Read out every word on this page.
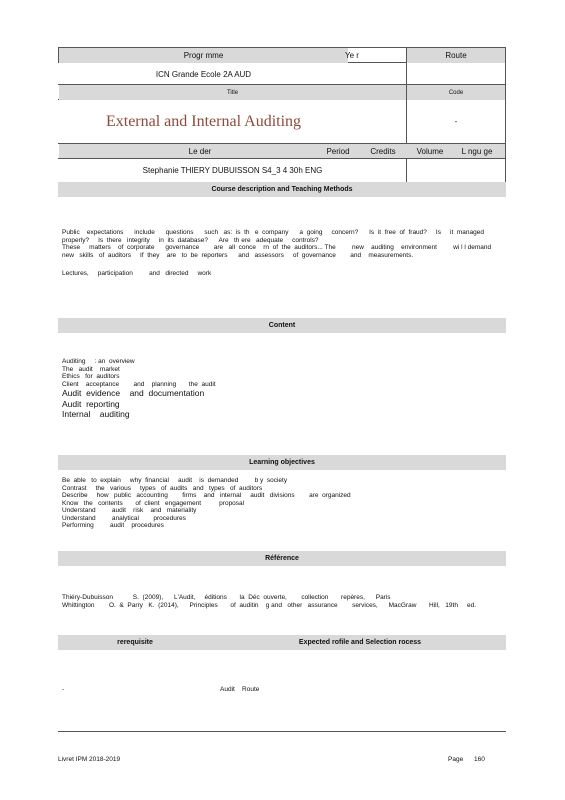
Progr mme	Ye r	Route
ICN Grande Ecole 2A AUD
Title	Code
External and Internal Auditing	-
Le der	Period	Credits	Volume L ngu ge
Stephanie THIERY DUBUISSON S4_3 4 30h ENG
Course description and Teaching Methods
Public    expectations      include      questions      such   as:  is  th   e  company      a  going     concern?      Is  it  free  of  fraud?     Is     it  managed
properly?     Is  there   integrity     in  its  database?      Are   th ere   adequate     controls?
These     matters    of  corporate      governance        are   all  conce    rn  of  the  auditors... The         new    auditing    environment         wi l l demand
new   skills   of  auditors     If  they    are   to  be  reporters      and   assessors     of  governance        and    measurements.
Lectures,     participation         and   directed     work
Content
Auditing     : an  overview
The   audit    market
Ethics   for  auditors
Client    acceptance        and    planning       the  audit
Audit  evidence    and  documentation
Audit  reporting
Internal    auditing
Learning objectives
Be  able   to  explain     why  financial     audit    is  demanded         b y  society
Contrast     the   various     types   of  audits   and   types   of  auditors
Describe     how   public   accounting        firms    and   internal     audit   divisions        are  organized
Know   the   contents       of  client   engagement          proposal
Understand         audit    risk    and   materiality
Understand         analytical        procedures
Performing         audit    procedures
Référence
Thiéry-Dubuisson           S.  (2009),      L'Audit,     éditions       la  Déc  ouverte,        collection       repères,      Paris
Whittington        O.  &  Parry   K.  (2014),      Principles       of  auditin    g and   other   assurance        services,      MacGraw       Hill,   19th     ed.
rerequisite	Expected rofile and Selection rocess
-	Audit    Route
Livret IPM 2018-2019	Page      160
